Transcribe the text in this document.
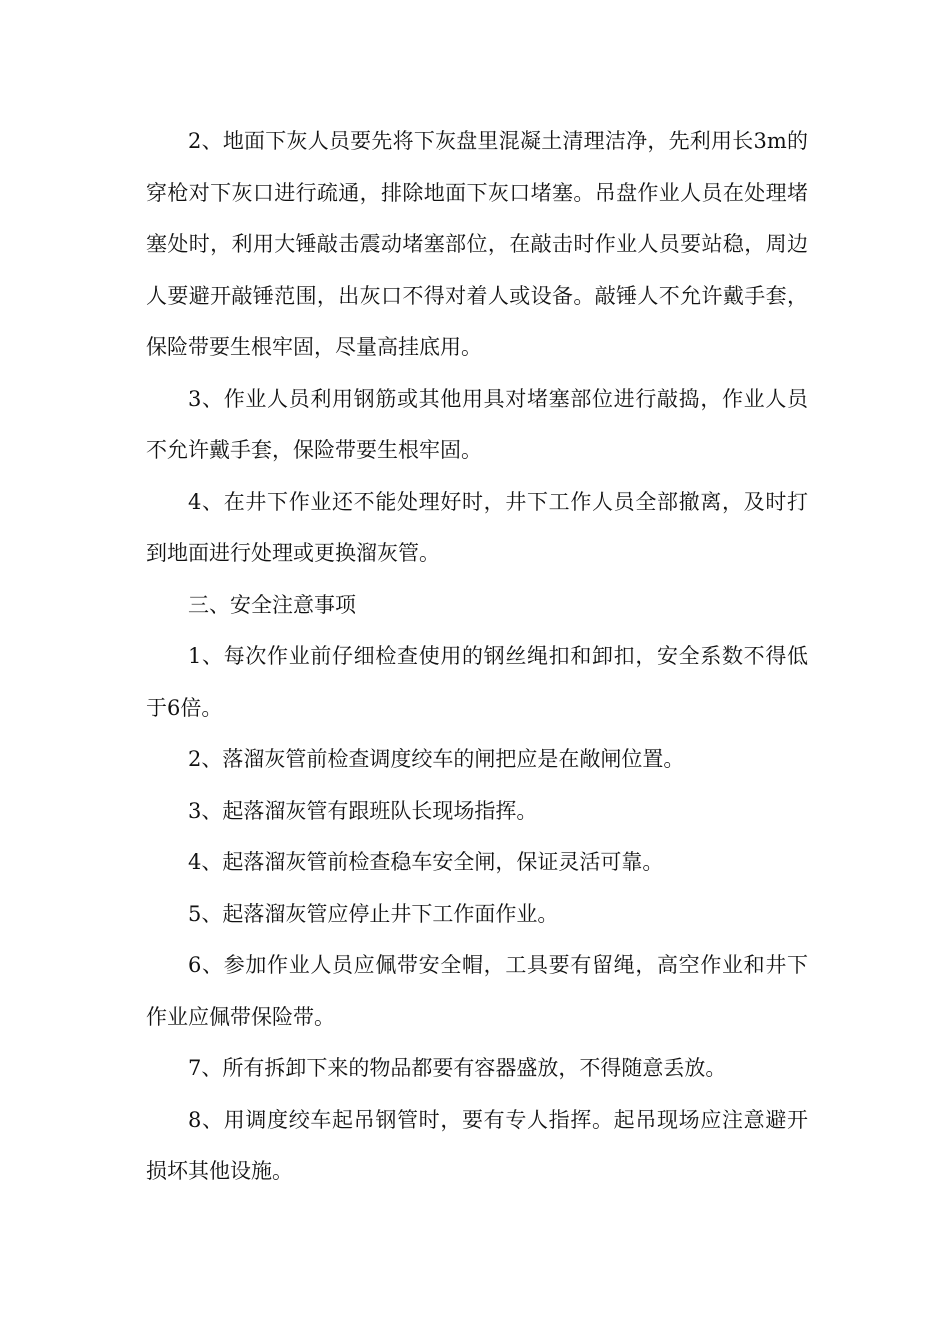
2、地面下灰人员要先将下灰盘里混凝土清理洁净，先利用长3m的穿枪对下灰口进行疏通，排除地面下灰口堵塞。吊盘作业人员在处理堵塞处时，利用大锤敲击震动堵塞部位，在敲击时作业人员要站稳，周边人要避开敲锤范围，出灰口不得对着人或设备。敲锤人不允许戴手套，保险带要生根牢固，尽量高挂底用。

3、作业人员利用钢筋或其他用具对堵塞部位进行敲捣，作业人员不允许戴手套，保险带要生根牢固。

4、在井下作业还不能处理好时，井下工作人员全部撤离，及时打到地面进行处理或更换溜灰管。

三、安全注意事项

1、每次作业前仔细检查使用的钢丝绳扣和卸扣，安全系数不得低于6倍。

2、落溜灰管前检查调度绞车的闸把应是在敞闸位置。

3、起落溜灰管有跟班队长现场指挥。

4、起落溜灰管前检查稳车安全闸，保证灵活可靠。

5、起落溜灰管应停止井下工作面作业。

6、参加作业人员应佩带安全帽，工具要有留绳，高空作业和井下作业应佩带保险带。

7、所有拆卸下来的物品都要有容器盛放，不得随意丢放。

8、用调度绞车起吊钢管时，要有专人指挥。起吊现场应注意避开损坏其他设施。
